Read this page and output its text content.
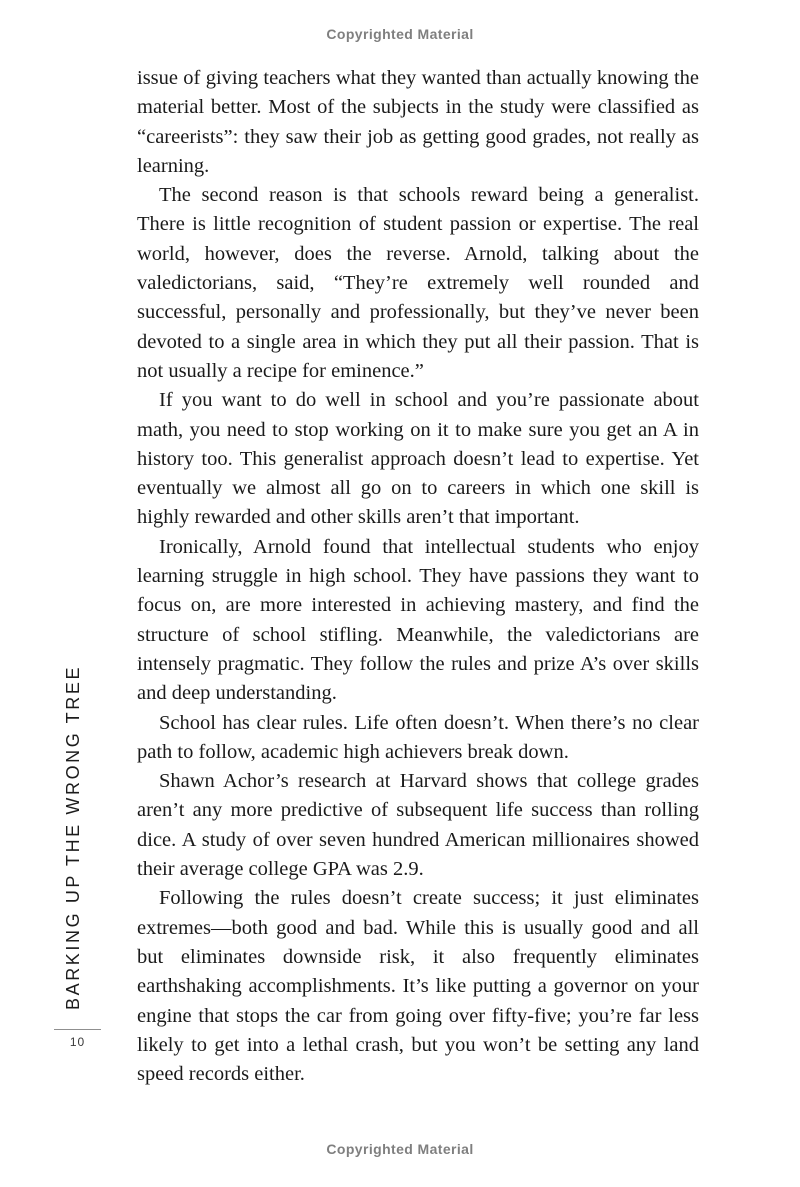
Copyrighted Material
BARKING UP THE WRONG TREE
10

issue of giving teachers what they wanted than actually knowing the material better. Most of the subjects in the study were classified as “careerists”: they saw their job as getting good grades, not really as learning.

The second reason is that schools reward being a generalist. There is little recognition of student passion or expertise. The real world, however, does the reverse. Arnold, talking about the valedictorians, said, “They’re extremely well rounded and successful, personally and professionally, but they’ve never been devoted to a single area in which they put all their passion. That is not usually a recipe for eminence.”

If you want to do well in school and you’re passionate about math, you need to stop working on it to make sure you get an A in history too. This generalist approach doesn’t lead to expertise. Yet eventually we almost all go on to careers in which one skill is highly rewarded and other skills aren’t that important.

Ironically, Arnold found that intellectual students who enjoy learning struggle in high school. They have passions they want to focus on, are more interested in achieving mastery, and find the structure of school stifling. Meanwhile, the valedictorians are intensely pragmatic. They follow the rules and prize A’s over skills and deep understanding.

School has clear rules. Life often doesn’t. When there’s no clear path to follow, academic high achievers break down.

Shawn Achor’s research at Harvard shows that college grades aren’t any more predictive of subsequent life success than rolling dice. A study of over seven hundred American millionaires showed their average college GPA was 2.9.

Following the rules doesn’t create success; it just eliminates extremes—both good and bad. While this is usually good and all but eliminates downside risk, it also frequently eliminates earthshaking accomplishments. It’s like putting a governor on your engine that stops the car from going over fifty-five; you’re far less likely to get into a lethal crash, but you won’t be setting any land speed records either.

Copyrighted Material
